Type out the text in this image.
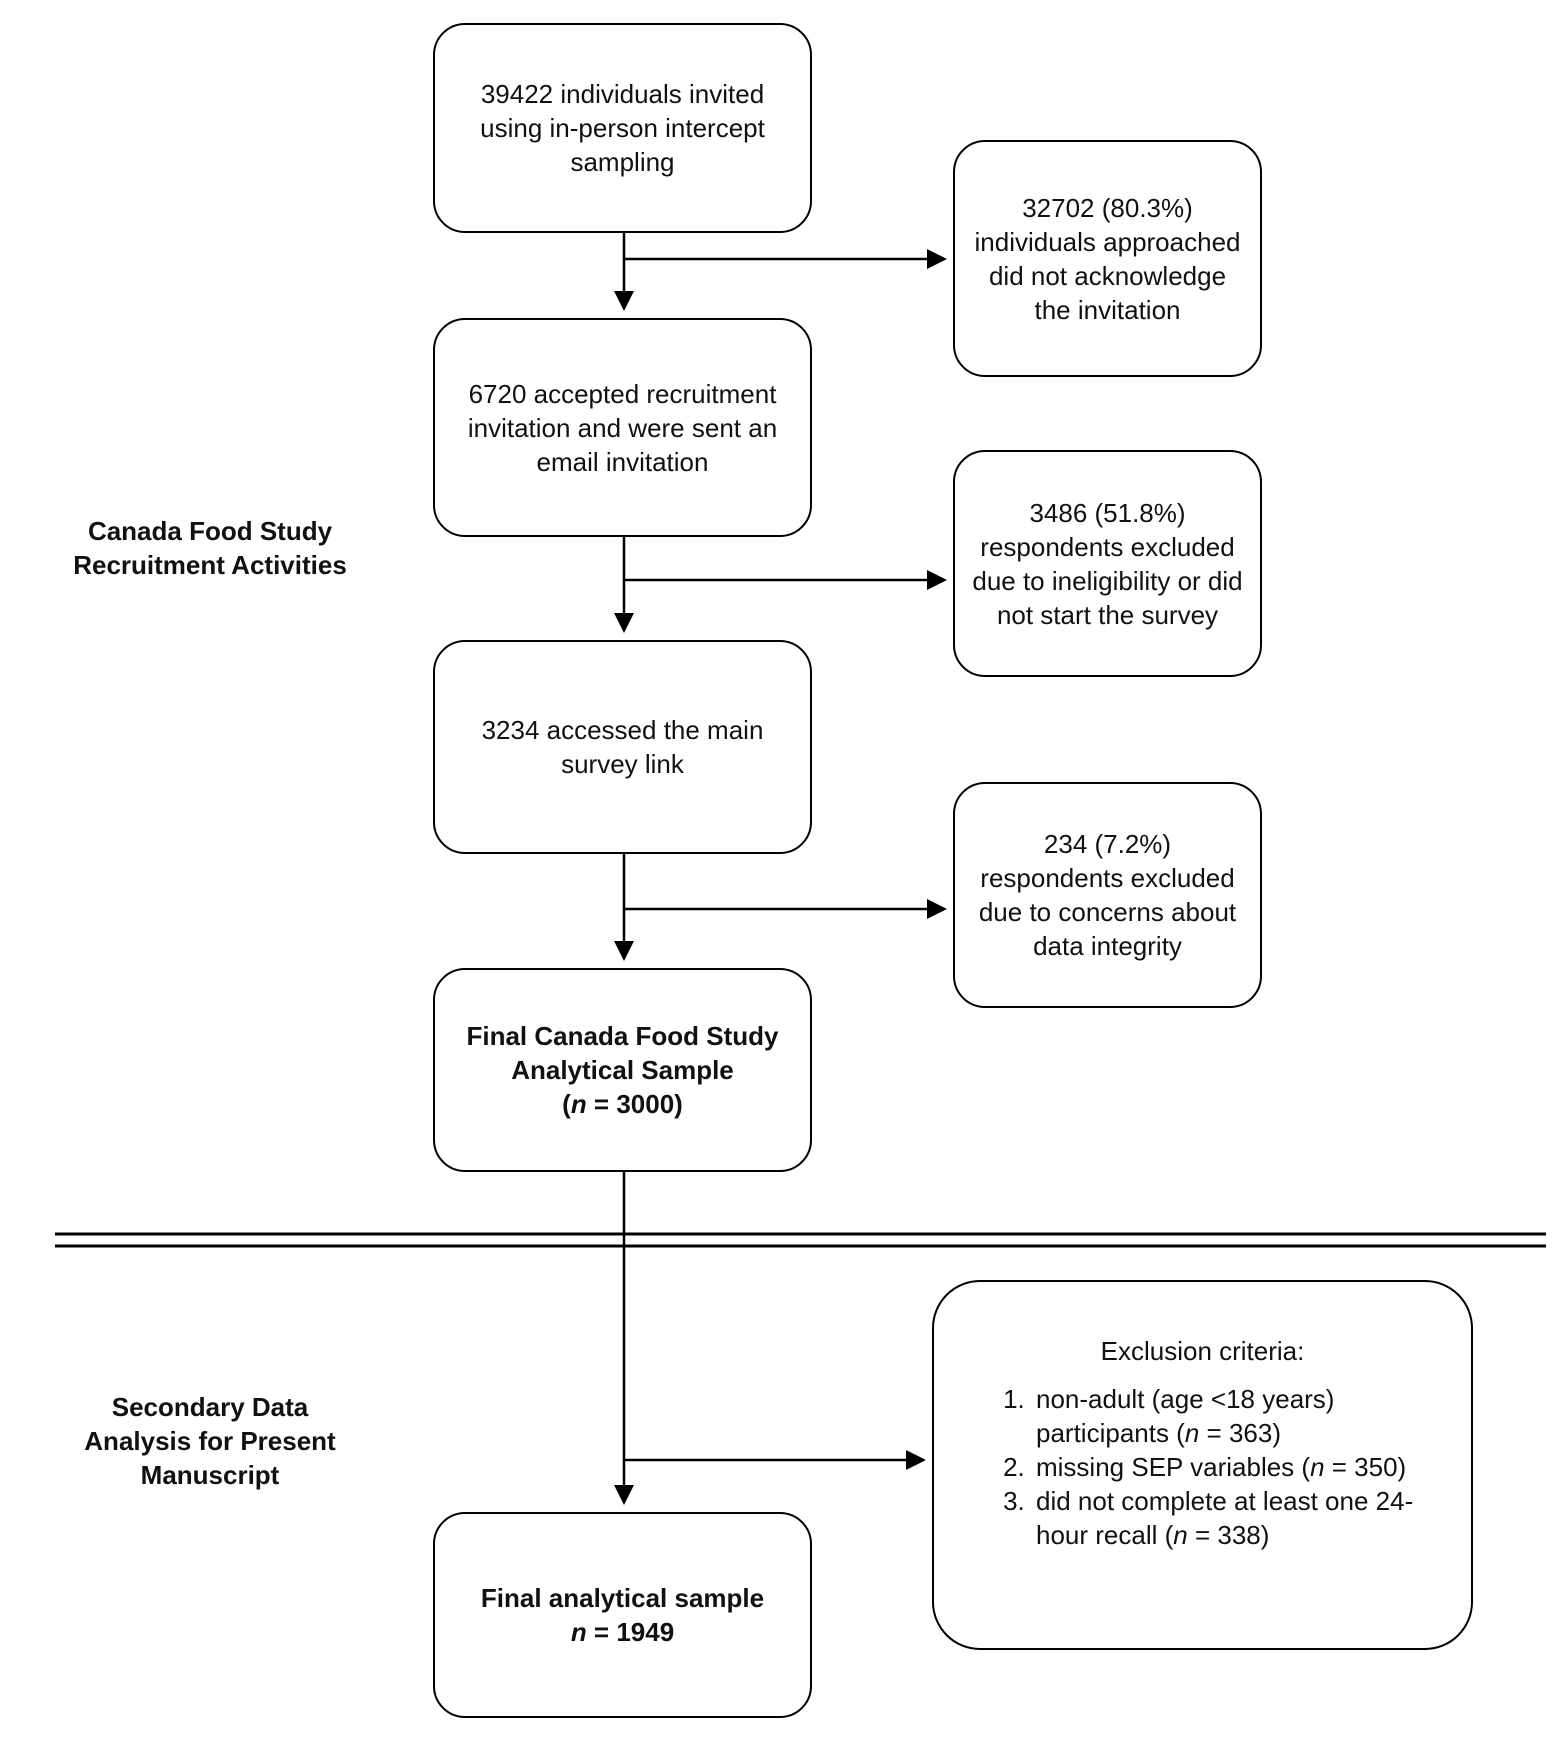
Canada Food Study
Recruitment Activities
Secondary Data
Analysis for Present
Manuscript
39422 individuals invited
using in-person intercept
sampling
6720 accepted recruitment
invitation and were sent an
email invitation
3234 accessed the main
survey link
Final Canada Food Study
Analytical Sample
(n = 3000)
Final analytical sample
n = 1949
32702 (80.3%)
individuals approached
did not acknowledge
the invitation
3486 (51.8%)
respondents excluded
due to ineligibility or did
not start the survey
234 (7.2%)
respondents excluded
due to concerns about
data integrity
Exclusion criteria:
1. non-adult (age <18 years) participants (n = 363)
2. missing SEP variables (n = 350)
3. did not complete at least one 24-hour recall (n = 338)
